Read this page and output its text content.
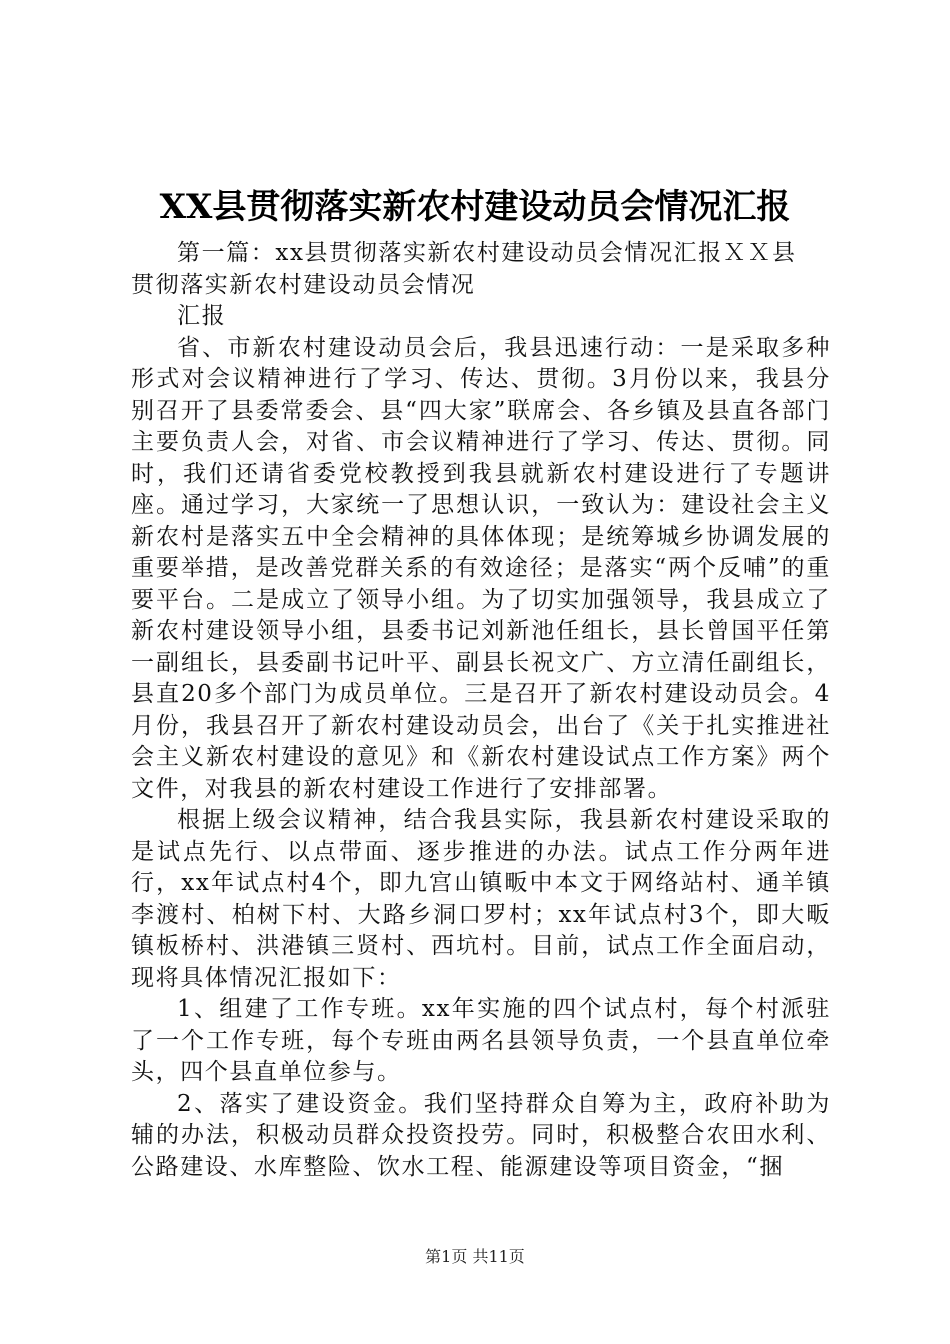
XX县贯彻落实新农村建设动员会情况汇报

第一篇：xx县贯彻落实新农村建设动员会情况汇报ＸＸ县

贯彻落实新农村建设动员会情况

汇报

省、市新农村建设动员会后，我县迅速行动：一是采取多种形式对会议精神进行了学习、传达、贯彻。3月份以来，我县分别召开了县委常委会、县“四大家”联席会、各乡镇及县直各部门主要负责人会，对省、市会议精神进行了学习、传达、贯彻。同时，我们还请省委党校教授到我县就新农村建设进行了专题讲座。通过学习，大家统一了思想认识，一致认为：建设社会主义新农村是落实五中全会精神的具体体现；是统筹城乡协调发展的重要举措，是改善党群关系的有效途径；是落实“两个反哺”的重要平台。二是成立了领导小组。为了切实加强领导，我县成立了新农村建设领导小组，县委书记刘新池任组长，县长曾国平任第一副组长，县委副书记叶平、副县长祝文广、方立清任副组长，县直20多个部门为成员单位。三是召开了新农村建设动员会。4月份，我县召开了新农村建设动员会，出台了《关于扎实推进社会主义新农村建设的意见》和《新农村建设试点工作方案》两个文件，对我县的新农村建设工作进行了安排部署。

根据上级会议精神，结合我县实际，我县新农村建设采取的是试点先行、以点带面、逐步推进的办法。试点工作分两年进行，xx年试点村4个，即九宫山镇畈中本文于网络站村、通羊镇李渡村、柏树下村、大路乡洞口罗村；xx年试点村3个，即大畈镇板桥村、洪港镇三贤村、西坑村。目前，试点工作全面启动，现将具体情况汇报如下：

1、组建了工作专班。xx年实施的四个试点村，每个村派驻了一个工作专班，每个专班由两名县领导负责，一个县直单位牵头，四个县直单位参与。

2、落实了建设资金。我们坚持群众自筹为主，政府补助为辅的办法，积极动员群众投资投劳。同时，积极整合农田水利、公路建设、水库整险、饮水工程、能源建设等项目资金，“捆

第1页 共11页
